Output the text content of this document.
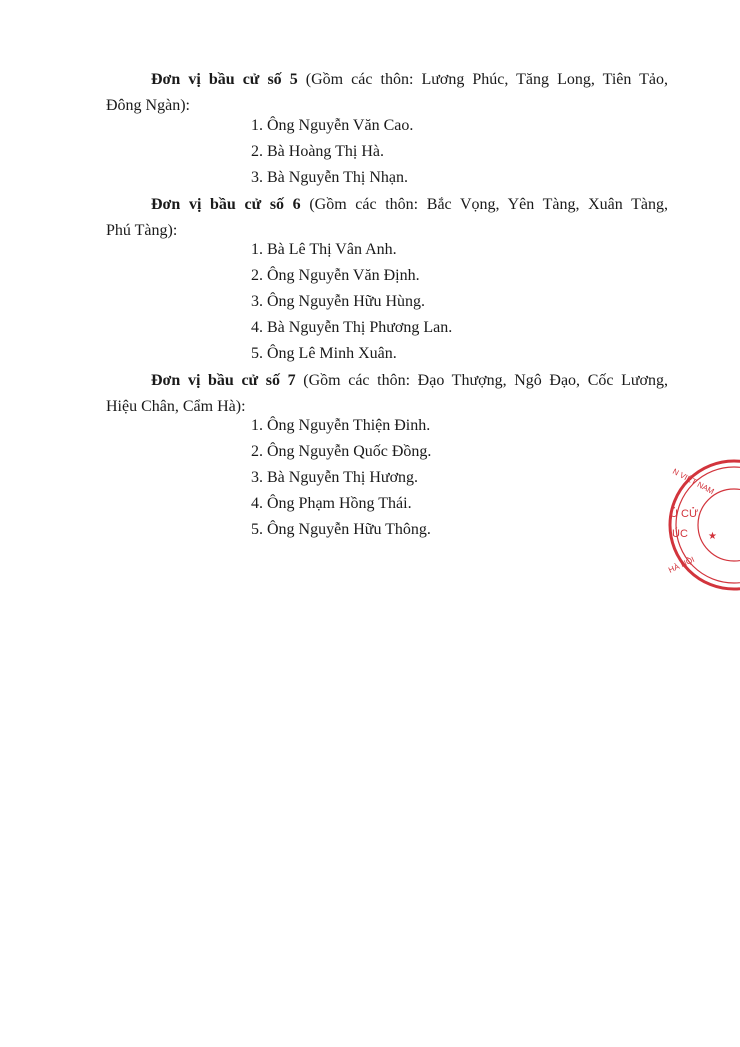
Đơn vị bầu cử số 5 (Gồm các thôn: Lương Phúc, Tăng Long, Tiên Tảo,
Đông Ngàn):
1. Ông Nguyễn Văn Cao.
2. Bà Hoàng Thị Hà.
3. Bà Nguyễn Thị Nhạn.
Đơn vị bầu cử số 6 (Gồm các thôn: Bắc Vọng, Yên Tàng, Xuân Tàng,
Phú Tàng):
1. Bà Lê Thị Vân Anh.
2. Ông Nguyễn Văn Định.
3. Ông Nguyễn Hữu Hùng.
4. Bà Nguyễn Thị Phương Lan.
5. Ông Lê Minh Xuân.
Đơn vị bầu cử số 7 (Gồm các thôn: Đạo Thượng, Ngô Đạo, Cốc Lương,
Hiệu Chân, Cẩm Hà):
1. Ông Nguyễn Thiện Đinh.
2. Ông Nguyễn Quốc Đồng.
3. Bà Nguyễn Thị Hương.
4. Ông Phạm Hồng Thái.
5. Ông Nguyễn Hữu Thông.
N VIỆT NAM
Ủ CỬ
ÚC
HÀ NỘI
★
